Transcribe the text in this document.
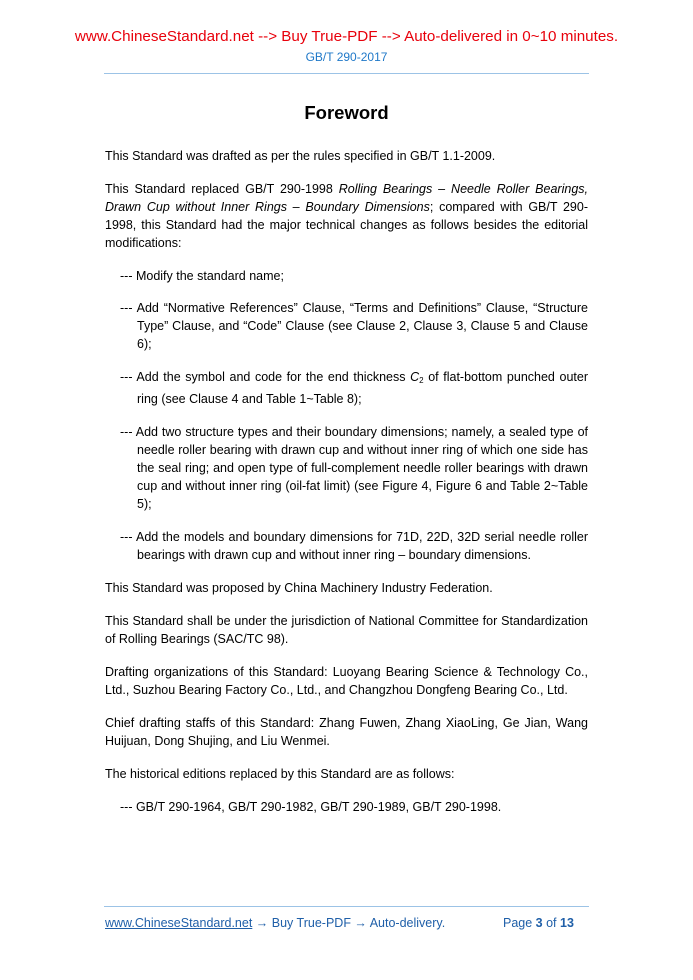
www.ChineseStandard.net --> Buy True-PDF --> Auto-delivered in 0~10 minutes.
GB/T 290-2017
Foreword

This Standard was drafted as per the rules specified in GB/T 1.1-2009.

This Standard replaced GB/T 290-1998 Rolling Bearings – Needle Roller Bearings, Drawn Cup without Inner Rings – Boundary Dimensions; compared with GB/T 290-1998, this Standard had the major technical changes as follows besides the editorial modifications:

--- Modify the standard name;

--- Add “Normative References” Clause, “Terms and Definitions” Clause, “Structure Type” Clause, and “Code” Clause (see Clause 2, Clause 3, Clause 5 and Clause 6);

--- Add the symbol and code for the end thickness $C_2$ of flat-bottom punched outer ring (see Clause 4 and Table 1~Table 8);

--- Add two structure types and their boundary dimensions; namely, a sealed type of needle roller bearing with drawn cup and without inner ring of which one side has the seal ring; and open type of full-complement needle roller bearings with drawn cup and without inner ring (oil-fat limit) (see Figure 4, Figure 6 and Table 2~Table 5);

--- Add the models and boundary dimensions for 71D, 22D, 32D serial needle roller bearings with drawn cup and without inner ring – boundary dimensions.

This Standard was proposed by China Machinery Industry Federation.

This Standard shall be under the jurisdiction of National Committee for Standardization of Rolling Bearings (SAC/TC 98).

Drafting organizations of this Standard: Luoyang Bearing Science & Technology Co., Ltd., Suzhou Bearing Factory Co., Ltd., and Changzhou Dongfeng Bearing Co., Ltd.

Chief drafting staffs of this Standard: Zhang Fuwen, Zhang XiaoLing, Ge Jian, Wang Huijuan, Dong Shujing, and Liu Wenmei.

The historical editions replaced by this Standard are as follows:

--- GB/T 290-1964, GB/T 290-1982, GB/T 290-1989, GB/T 290-1998.

www.ChineseStandard.net → Buy True-PDF → Auto-delivery.	Page 3 of 13
